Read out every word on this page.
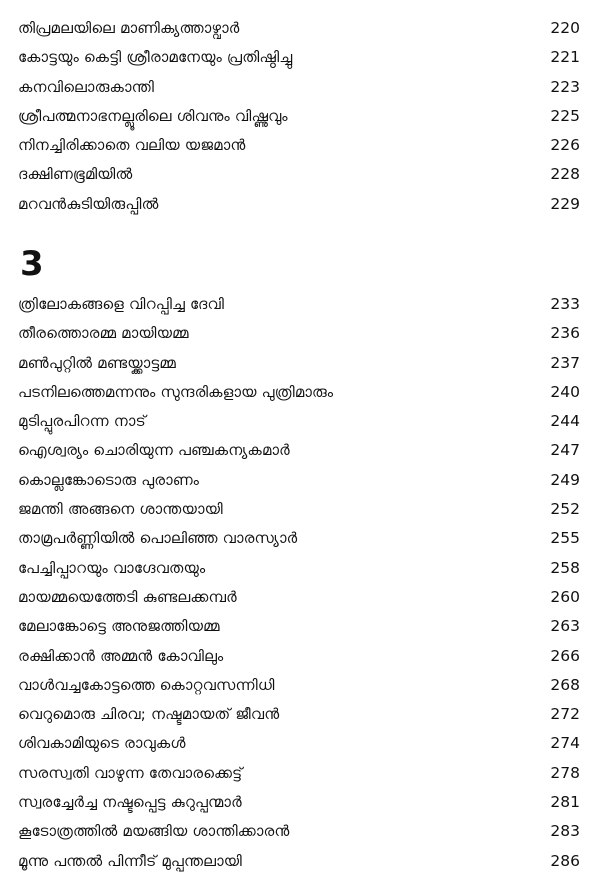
തിപ്രമലയിലെ മാണിക്യത്താഴ്വാർ	220
കോട്ടയും കെട്ടി ശ്രീരാമനേയും പ്രതിഷ്ഠിച്ചു	221
കനവിലൊരുകാന്തി	223
ശ്രീപത്മനാഭനല്ലൂരിലെ ശിവനും വിഷ്ണുവും	225
നിനച്ചിരിക്കാതെ വലിയ യജമാൻ	226
ദക്ഷിണഭൂമിയിൽ	228
മറവൻകുടിയിരുപ്പിൽ	229
3
ത്രിലോകങ്ങളെ വിറപ്പിച്ച ദേവി	233
തീരത്തൊരമ്മ മായിയമ്മ	236
മൺപുറ്റിൽ മണ്ടയ്ക്കാട്ടമ്മ	237
പടനിലത്തെമന്നനും സുന്ദരികളായ പുത്രിമാരും	240
മുടിപ്പുരപിറന്ന നാട്	244
ഐശ്വര്യം ചൊരിയുന്ന പഞ്ചകന്യകമാർ	247
കൊല്ലങ്കോടൊരു പുരാണം	249
ജമന്തി അങ്ങനെ ശാന്തയായി	252
താമ്രപർണ്ണിയിൽ പൊലിഞ്ഞ വാരസ്യാർ	255
പേച്ചിപ്പാറയും വാഗ്ദേവതയും	258
മായമ്മയെത്തേടി കുണ്ടലക്കമ്പർ	260
മേലാങ്കോട്ടെ അനുജത്തിയമ്മ	263
രക്ഷിക്കാൻ അമ്മൻ കോവിലും	266
വാൾവച്ചകോട്ടത്തെ കൊറ്റവസന്നിധി	268
വെറുമൊരു ചിരവ; നഷ്ടമായത് ജീവൻ	272
ശിവകാമിയുടെ രാവുകൾ	274
സരസ്വതി വാഴുന്ന തേവാരക്കെട്ട്	278
സ്വരച്ചേർച്ച നഷ്ടപ്പെട്ട കുറുപ്പന്മാർ	281
കൂടോത്രത്തിൽ മയങ്ങിയ ശാന്തിക്കാരൻ	283
മൂന്നു പന്തൽ പിന്നീട് മുപ്പന്തലായി	286
